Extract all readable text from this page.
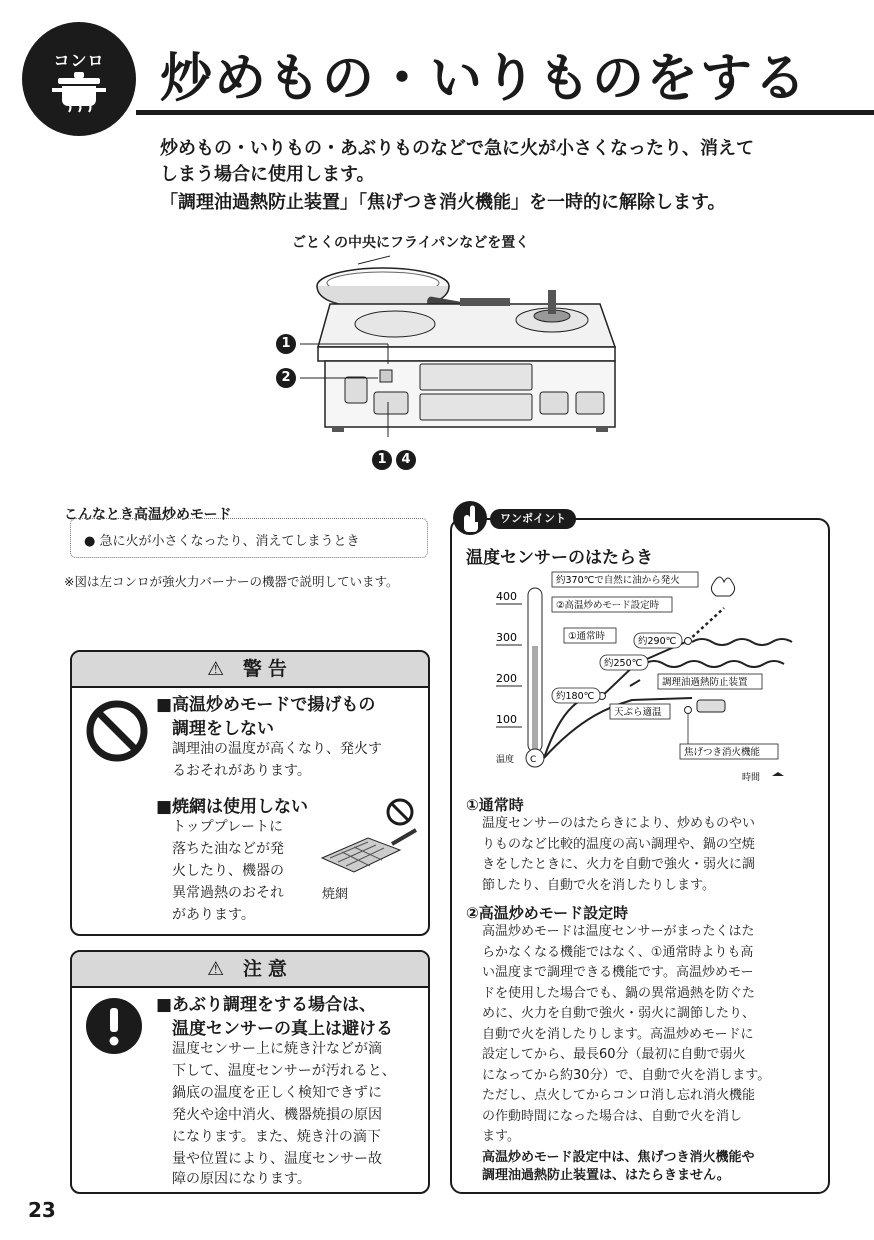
コンロ	炒めもの・いりものをする
炒めもの・いりもの・あぶりものなどで急に火が小さくなったり、消えて
しまう場合に使用します。
「調理油過熱防止装置」「焦げつき消火機能」を一時的に解除します。
ごとくの中央にフライパンなどを置く
1
2
1	4
こんなとき高温炒めモード
● 急に火が小さくなったり、消えてしまうとき
※図は左コンロが強火力バーナーの機器で説明しています。
⚠ 警告
■高温炒めモードで揚げもの
調理をしない
調理油の温度が高くなり、発火す
るおそれがあります。
■焼網は使用しない
トッププレートに
落ちた油などが発
火したり、機器の
異常過熱のおそれ
があります。
焼網
⚠ 注意
■あぶり調理をする場合は、
温度センサーの真上は避ける
温度センサー上に焼き汁などが滴
下して、温度センサーが汚れると、
鍋底の温度を正しく検知できずに
発火や途中消火、機器焼損の原因
になります。また、焼き汁の滴下
量や位置により、温度センサー故
障の原因になります。
ワンポイント
温度センサーのはたらき
400
300
200
100
温度
時間
C
約370℃で自然に油から発火
②高温炒めモード設定時
①通常時	約290℃
約250℃
調理油過熱防止装置
約180℃
天ぷら適温
焦げつき消火機能
①通常時
温度センサーのはたらきにより、炒めものやい
りものなど比較的温度の高い調理や、鍋の空焼
きをしたときに、火力を自動で強火・弱火に調
節したり、自動で火を消したりします。
②高温炒めモード設定時
高温炒めモードは温度センサーがまったくはた
らかなくなる機能ではなく、①通常時よりも高
い温度まで調理できる機能です。高温炒めモー
ドを使用した場合でも、鍋の異常過熱を防ぐた
めに、火力を自動で強火・弱火に調節したり、
自動で火を消したりします。高温炒めモードに
設定してから、最長60分（最初に自動で弱火
になってから約30分）で、自動で火を消します。
ただし、点火してからコンロ消し忘れ消火機能
の作動時間になった場合は、自動で火を消し
ます。
高温炒めモード設定中は、焦げつき消火機能や
調理油過熱防止装置は、はたらきません。
23
